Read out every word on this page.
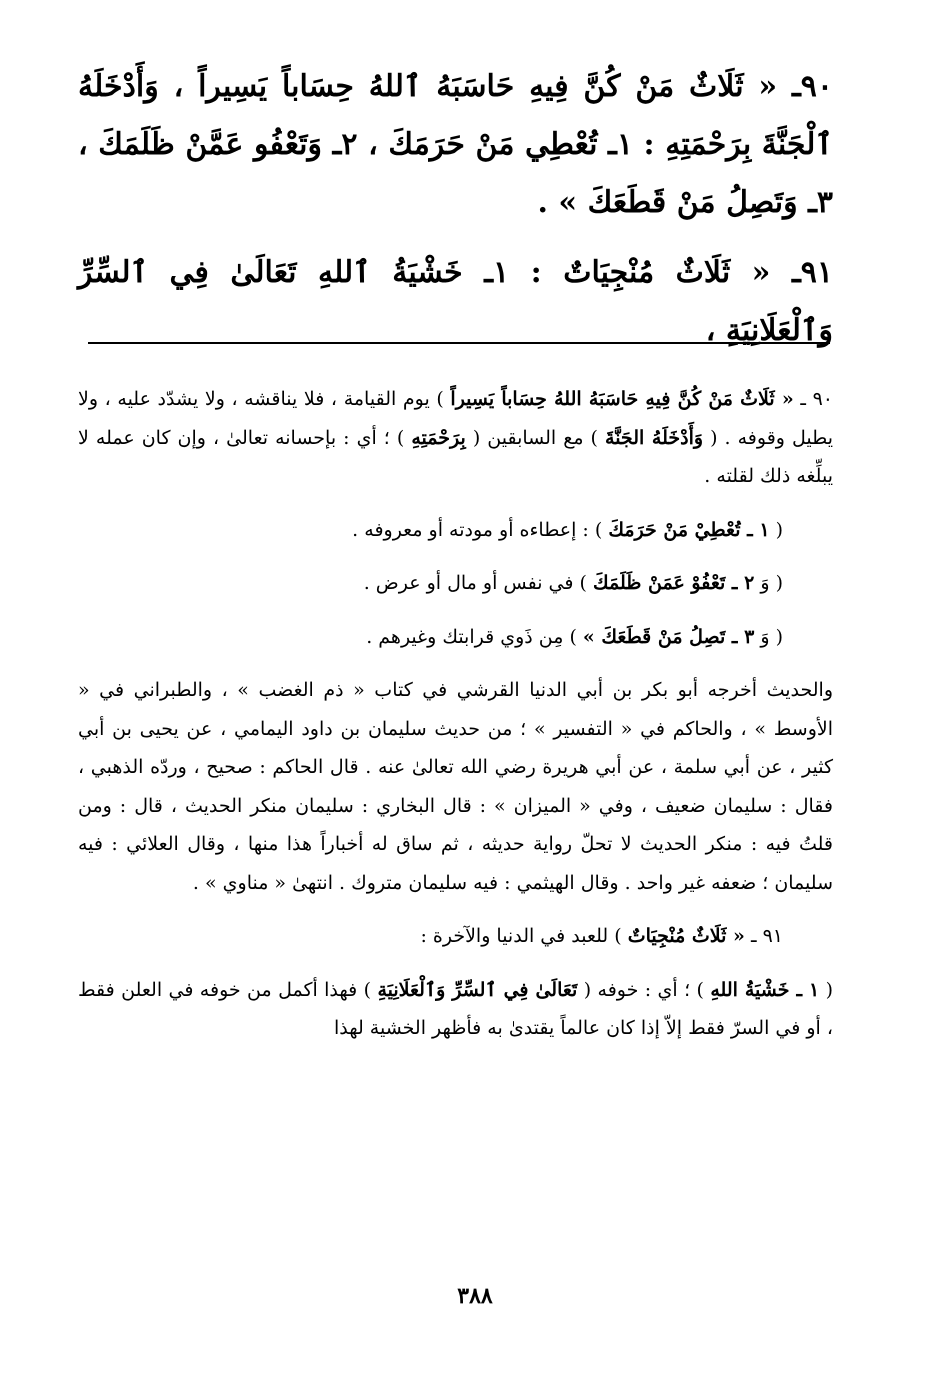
٩٠ـ « ثَلَاثٌ مَنْ كُنَّ فِيهِ حَاسَبَهُ ٱللهُ حِسَاباً يَسِيراً ، وَأَدْخَلَهُ ٱلْجَنَّةَ بِرَحْمَتِهِ : ١ـ تُعْطِي مَنْ حَرَمَكَ ، ٢ـ وَتَعْفُو عَمَّنْ ظَلَمَكَ ، ٣ـ وَتَصِلُ مَنْ قَطَعَكَ » .

٩١ـ « ثَلَاثٌ مُنْجِيَاتٌ : ١ـ خَشْيَةُ ٱللهِ تَعَالَىٰ فِي ٱلسِّرِّ وَٱلْعَلَانِيَةِ ،

٩٠ ـ « ثَلَاثٌ مَنْ كُنَّ فِيهِ حَاسَبَهُ اللهُ حِسَاباً يَسِيراً ) يوم القيامة ، فلا يناقشه ، ولا يشدّد عليه ، ولا يطيل وقوفه . ( وَأَدْخَلَهُ الجَنَّةَ ) مع السابقين ( بِرَحْمَتِهِ ) ؛ أي : بإحسانه تعالىٰ ، وإن كان عمله لا يبلِّغه ذلك لقلته .

( ١ ـ تُعْطِيْ مَنْ حَرَمَكَ ) : إعطاءه أو مودته أو معروفه .

( وَ ٢ ـ تَعْفُوْ عَمَنْ ظَلَمَكَ ) في نفس أو مال أو عرض .

( وَ ٣ ـ تَصِلُ مَنْ قَطَعَكَ » ) مِن ذَوي قرابتك وغيرهم .

والحديث أخرجه أبو بكر بن أبي الدنيا القرشي في كتاب « ذم الغضب » ، والطبراني في « الأوسط » ، والحاكم في « التفسير » ؛ من حديث سليمان بن داود اليمامي ، عن يحيى بن أبي كثير ، عن أبي سلمة ، عن أبي هريرة رضي الله تعالىٰ عنه . قال الحاكم : صحيح ، وردّه الذهبي ، فقال : سليمان ضعيف ، وفي « الميزان » : قال البخاري : سليمان منكر الحديث ، قال : ومن قلتُ فيه : منكر الحديث لا تحلّ رواية حديثه ، ثم ساق له أخباراً هذا منها ، وقال العلائي : فيه سليمان ؛ ضعفه غير واحد . وقال الهيثمي : فيه سليمان متروك . انتهىٰ « مناوي » .

٩١ ـ « ثَلَاثٌ مُنْجِيَاتٌ ) للعبد في الدنيا والآخرة :

( ١ ـ خَشْيَةُ اللهِ ) ؛ أي : خوفه ( تَعَالَىٰ فِي ٱلسِّرِّ وَٱلْعَلَانِيَةِ ) فهذا أكمل من خوفه في العلن فقط ، أو في السرّ فقط إلاّ إذا كان عالماً يقتدىٰ به فأظهر الخشية لهذا

٣٨٨
